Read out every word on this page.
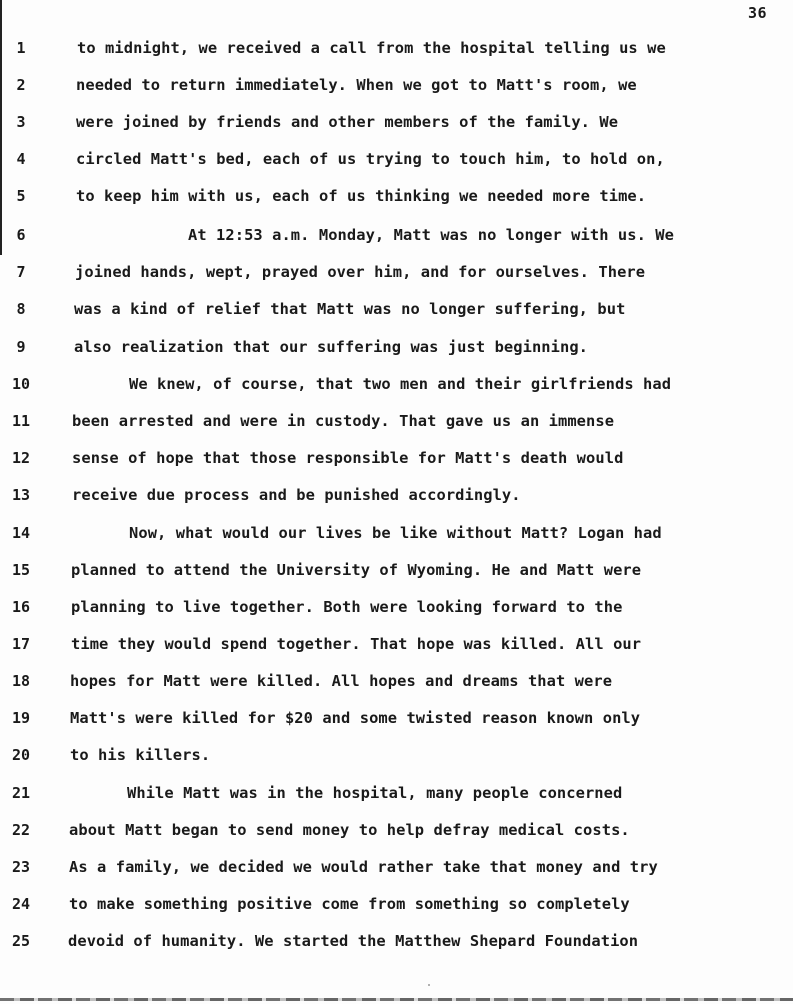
36
1	to midnight, we received a call from the hospital telling us we
2	needed to return immediately. When we got to Matt's room, we
3	were joined by friends and other members of the family. We
4	circled Matt's bed, each of us trying to touch him, to hold on,
5	to keep him with us, each of us thinking we needed more time.
6	At 12:53 a.m. Monday, Matt was no longer with us. We
7	joined hands, wept, prayed over him, and for ourselves. There
8	was a kind of relief that Matt was no longer suffering, but
9	also realization that our suffering was just beginning.
10	We knew, of course, that two men and their girlfriends had
11	been arrested and were in custody. That gave us an immense
12	sense of hope that those responsible for Matt's death would
13	receive due process and be punished accordingly.
14	Now, what would our lives be like without Matt? Logan had
15	planned to attend the University of Wyoming. He and Matt were
16	planning to live together. Both were looking forward to the
17	time they would spend together. That hope was killed. All our
18	hopes for Matt were killed. All hopes and dreams that were
19	Matt's were killed for $20 and some twisted reason known only
20	to his killers.
21	While Matt was in the hospital, many people concerned
22	about Matt began to send money to help defray medical costs.
23	As a family, we decided we would rather take that money and try
24	to make something positive come from something so completely
25	devoid of humanity. We started the Matthew Shepard Foundation
